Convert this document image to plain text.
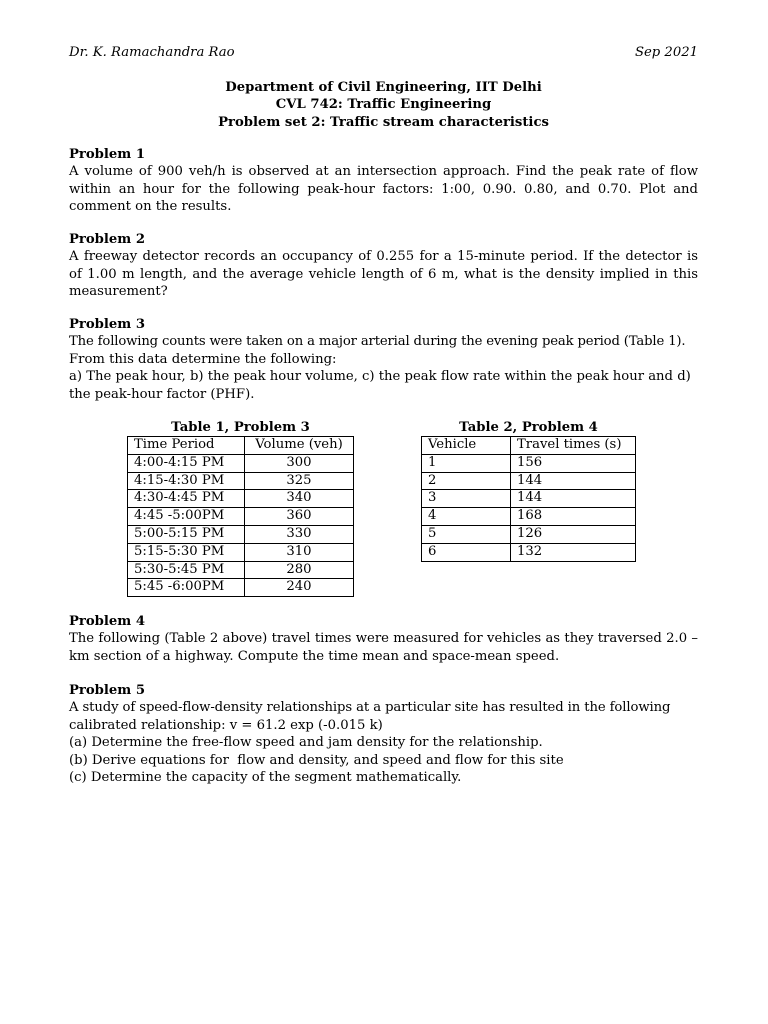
Dr. K. Ramachandra Rao	Sep 2021
Department of Civil Engineering, IIT Delhi
CVL 742: Traffic Engineering
Problem set 2: Traffic stream characteristics
Problem 1
A volume of 900 veh/h is observed at an intersection approach. Find the peak rate of flow within an hour for the following peak-hour factors: 1:00, 0.90. 0.80, and 0.70. Plot and comment on the results.
Problem 2
A freeway detector records an occupancy of 0.255 for a 15-minute period. If the detector is of 1.00 m length, and the average vehicle length of 6 m, what is the density implied in this measurement?
Problem 3
The following counts were taken on a major arterial during the evening peak period (Table 1).
From this data determine the following:
a) The peak hour, b) the peak hour volume, c) the peak flow rate within the peak hour and d) the peak-hour factor (PHF).
Table 1, Problem 3
Time Period	Volume (veh)
4:00-4:15 PM	300
4:15-4:30 PM	325
4:30-4:45 PM	340
4:45 -5:00PM	360
5:00-5:15 PM	330
5:15-5:30 PM	310
5:30-5:45 PM	280
5:45 -6:00PM	240
Table 2, Problem 4
Vehicle	Travel times (s)
1	156
2	144
3	144
4	168
5	126
6	132
Problem 4
The following (Table 2 above) travel times were measured for vehicles as they traversed 2.0 – km section of a highway. Compute the time mean and space-mean speed.
Problem 5
A study of speed-flow-density relationships at a particular site has resulted in the following
calibrated relationship: v = 61.2 exp (-0.015 k)
(a) Determine the free-flow speed and jam density for the relationship.
(b) Derive equations for  flow and density, and speed and flow for this site
(c) Determine the capacity of the segment mathematically.
